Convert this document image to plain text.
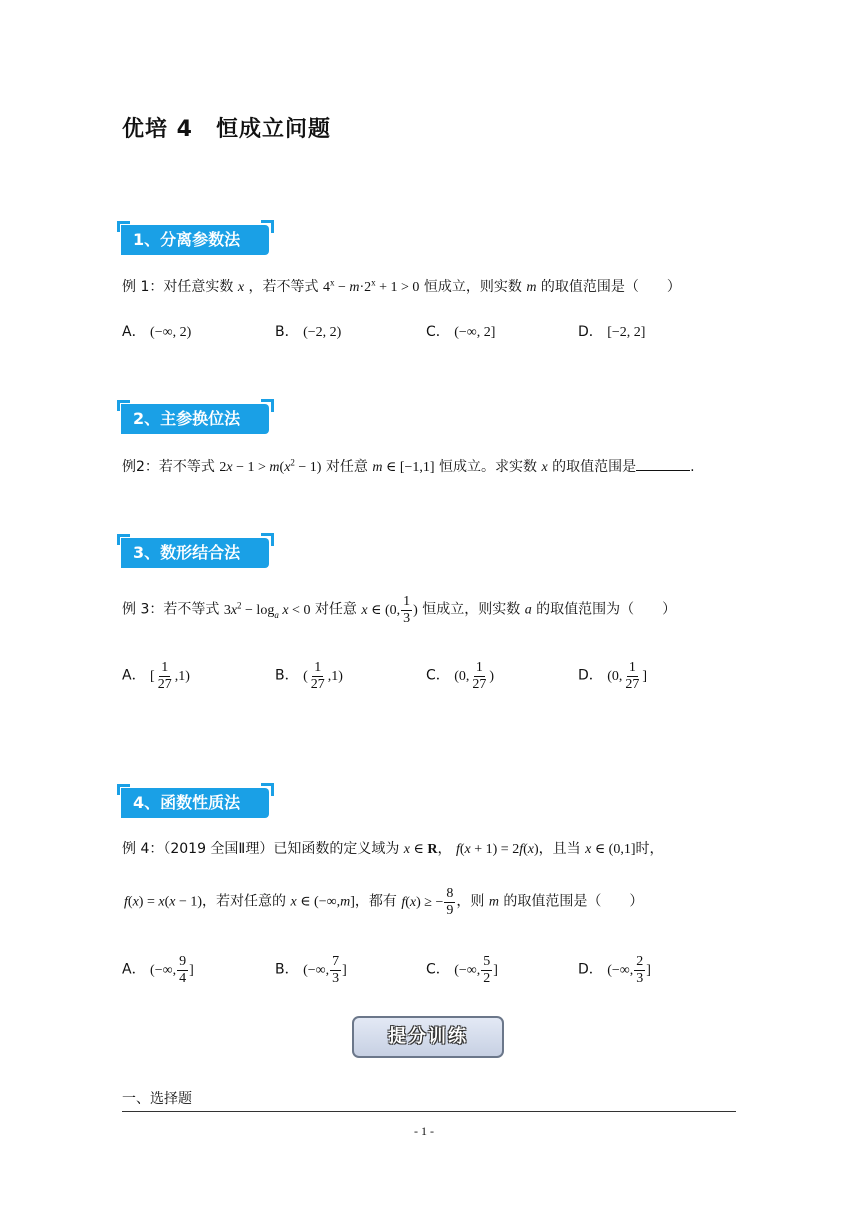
优培 4　恒成立问题
1、分离参数法
例 1：对任意实数 x ，若不等式 $4^x - m\cdot 2^x + 1 > 0$ 恒成立，则实数 m 的取值范围是（　　）
A． (−∞, 2)	B． (−2, 2)	C． (−∞, 2]	D． [−2, 2]
2、主参换位法
例2：若不等式 $2x - 1 > m(x^2 - 1)$ 对任意 m ∈ [−1,1] 恒成立。求实数 x 的取值范围是	.
3、数形结合法
例 3：若不等式 $3x^2 - \log_a x < 0$ 对任意 x ∈ (0, $\frac{1}{3}$ ) 恒成立，则实数 a 的取值范围为（　　）
A． [ $\frac{1}{27} ,1$)	B． ( $\frac{1}{27} ,1$)	C． (0, $\frac{1}{27}$ )	D． (0, $\frac{1}{27}$ ]
4、函数性质法
例 4：（2019 全国Ⅱ理）已知函数的定义域为 x ∈ R， f(x + 1) = 2f(x)，且当 x ∈ (0,1]时，
f(x) = x(x − 1)，若对任意的 x ∈ (−∞,m]，都有 f(x) ≥ − $\frac{8}{9}$ ，则 m 的取值范围是（　　）
A． (−∞, $\frac{9}{4}$ ]	B． (−∞, $\frac{7}{3}$ ]	C． (−∞, $\frac{5}{2}$ ]	D． (−∞, $\frac{2}{3}$ ]
提分训练
一、选择题
- 1 -
